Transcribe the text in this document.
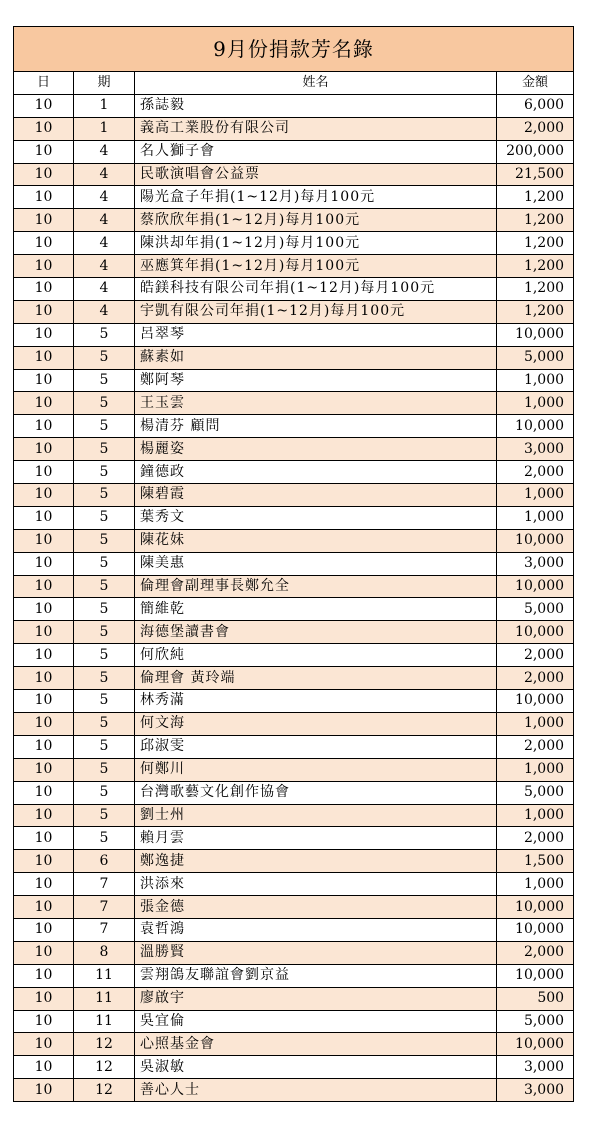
9月份捐款芳名錄			
日	期	姓名	金額
10	1	孫誌毅	6,000
10	1	義高工業股份有限公司	2,000
10	4	名人獅子會	200,000
10	4	民歌演唱會公益票	21,500
10	4	陽光盒子年捐(1~12月)每月100元	1,200
10	4	蔡欣欣年捐(1~12月)每月100元	1,200
10	4	陳洪却年捐(1~12月)每月100元	1,200
10	4	巫應箕年捐(1~12月)每月100元	1,200
10	4	皓鎂科技有限公司年捐(1~12月)每月100元	1,200
10	4	宇凱有限公司年捐(1~12月)每月100元	1,200
10	5	呂翠琴	10,000
10	5	蘇素如	5,000
10	5	鄭阿琴	1,000
10	5	王玉雲	1,000
10	5	楊清芬 顧問	10,000
10	5	楊麗姿	3,000
10	5	鐘德政	2,000
10	5	陳碧霞	1,000
10	5	葉秀文	1,000
10	5	陳花妹	10,000
10	5	陳美惠	3,000
10	5	倫理會副理事長鄭允全	10,000
10	5	簡維乾	5,000
10	5	海德堡讀書會	10,000
10	5	何欣純	2,000
10	5	倫理會 黃玲端	2,000
10	5	林秀滿	10,000
10	5	何文海	1,000
10	5	邱淑雯	2,000
10	5	何鄭川	1,000
10	5	台灣歌藝文化創作協會	5,000
10	5	劉士州	1,000
10	5	賴月雲	2,000
10	6	鄭逸捷	1,500
10	7	洪添來	1,000
10	7	張金德	10,000
10	7	袁哲鴻	10,000
10	8	溫勝賢	2,000
10	11	雲翔鴿友聯誼會劉京益	10,000
10	11	廖啟宇	500
10	11	吳宜倫	5,000
10	12	心照基金會	10,000
10	12	吳淑敏	3,000
10	12	善心人士	3,000
